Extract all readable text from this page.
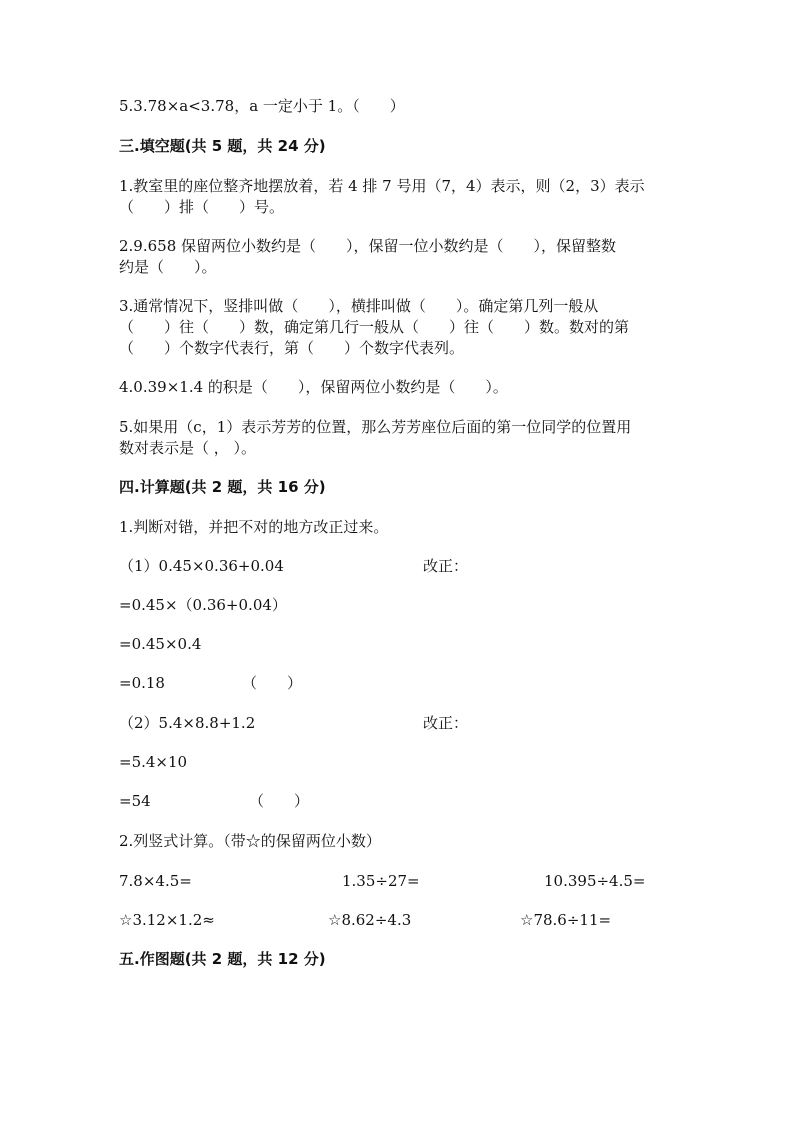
5.3.78×a<3.78，a 一定小于 1。（　　）
三.填空题(共 5 题，共 24 分)
1.教室里的座位整齐地摆放着，若 4 排 7 号用（7，4）表示，则（2，3）表示
（　　）排（　　）号。
2.9.658 保留两位小数约是（　　），保留一位小数约是（　　），保留整数
约是（　　）。
3.通常情况下，竖排叫做（　　），横排叫做（　　）。确定第几列一般从
（　　）往（　　）数，确定第几行一般从（　　）往（　　）数。数对的第
（　　）个数字代表行，第（　　）个数字代表列。
4.0.39×1.4 的积是（　　），保留两位小数约是（　　）。
5.如果用（c，1）表示芳芳的位置，那么芳芳座位后面的第一位同学的位置用
数对表示是（ ， ）。
四.计算题(共 2 题，共 16 分)
1.判断对错，并把不对的地方改正过来。
（1）0.45×0.36+0.04	改正：
=0.45×（0.36+0.04）
=0.45×0.4
=0.18	（　　）
（2）5.4×8.8+1.2	改正：
=5.4×10
=54	（　　）
2.列竖式计算。（带☆的保留两位小数）
7.8×4.5=	1.35÷27=	10.395÷4.5=
☆3.12×1.2≈	☆8.62÷4.3	☆78.6÷11=
五.作图题(共 2 题，共 12 分)
